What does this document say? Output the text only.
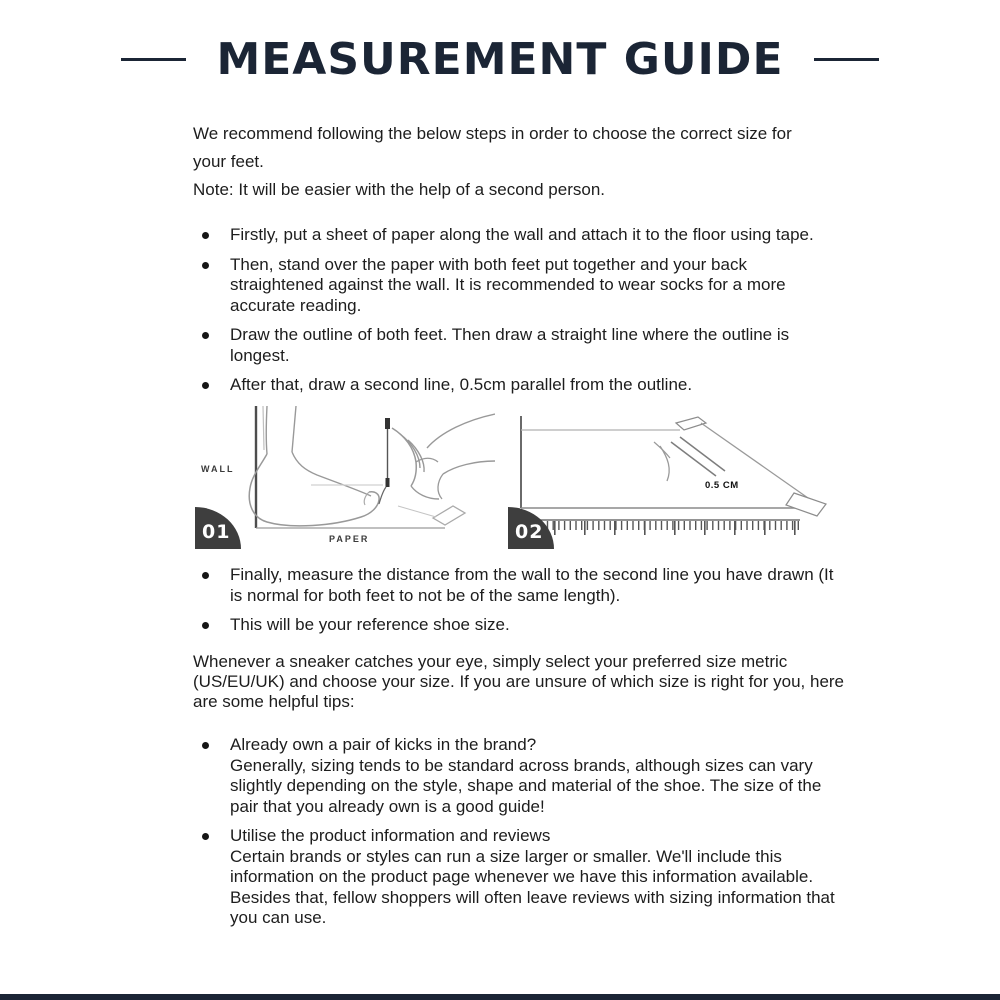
MEASUREMENT GUIDE

We recommend following the below steps in order to choose the correct size for your feet.

Note: It will be easier with the help of a second person.

Firstly, put a sheet of paper along the wall and attach it to the floor using tape.
Then, stand over the paper with both feet put together and your back straightened against the wall. It is recommended to wear socks for a more accurate reading.
Draw the outline of both feet. Then draw a straight line where the outline is longest.
After that, draw a second line, 0.5cm parallel from the outline.
WALL
PAPER
0.5 CM
01	02
Finally, measure the distance from the wall to the second line you have drawn (It is normal for both feet to not be of the same length).
This will be your reference shoe size.

Whenever a sneaker catches your eye, simply select your preferred size metric (US/EU/UK) and choose your size. If you are unsure of which size is right for you, here are some helpful tips:

Already own a pair of kicks in the brand?
Generally, sizing tends to be standard across brands, although sizes can vary slightly depending on the style, shape and material of the shoe. The size of the pair that you already own is a good guide!
Utilise the product information and reviews
Certain brands or styles can run a size larger or smaller. We'll include this information on the product page whenever we have this information available. Besides that, fellow shoppers will often leave reviews with sizing information that you can use.
